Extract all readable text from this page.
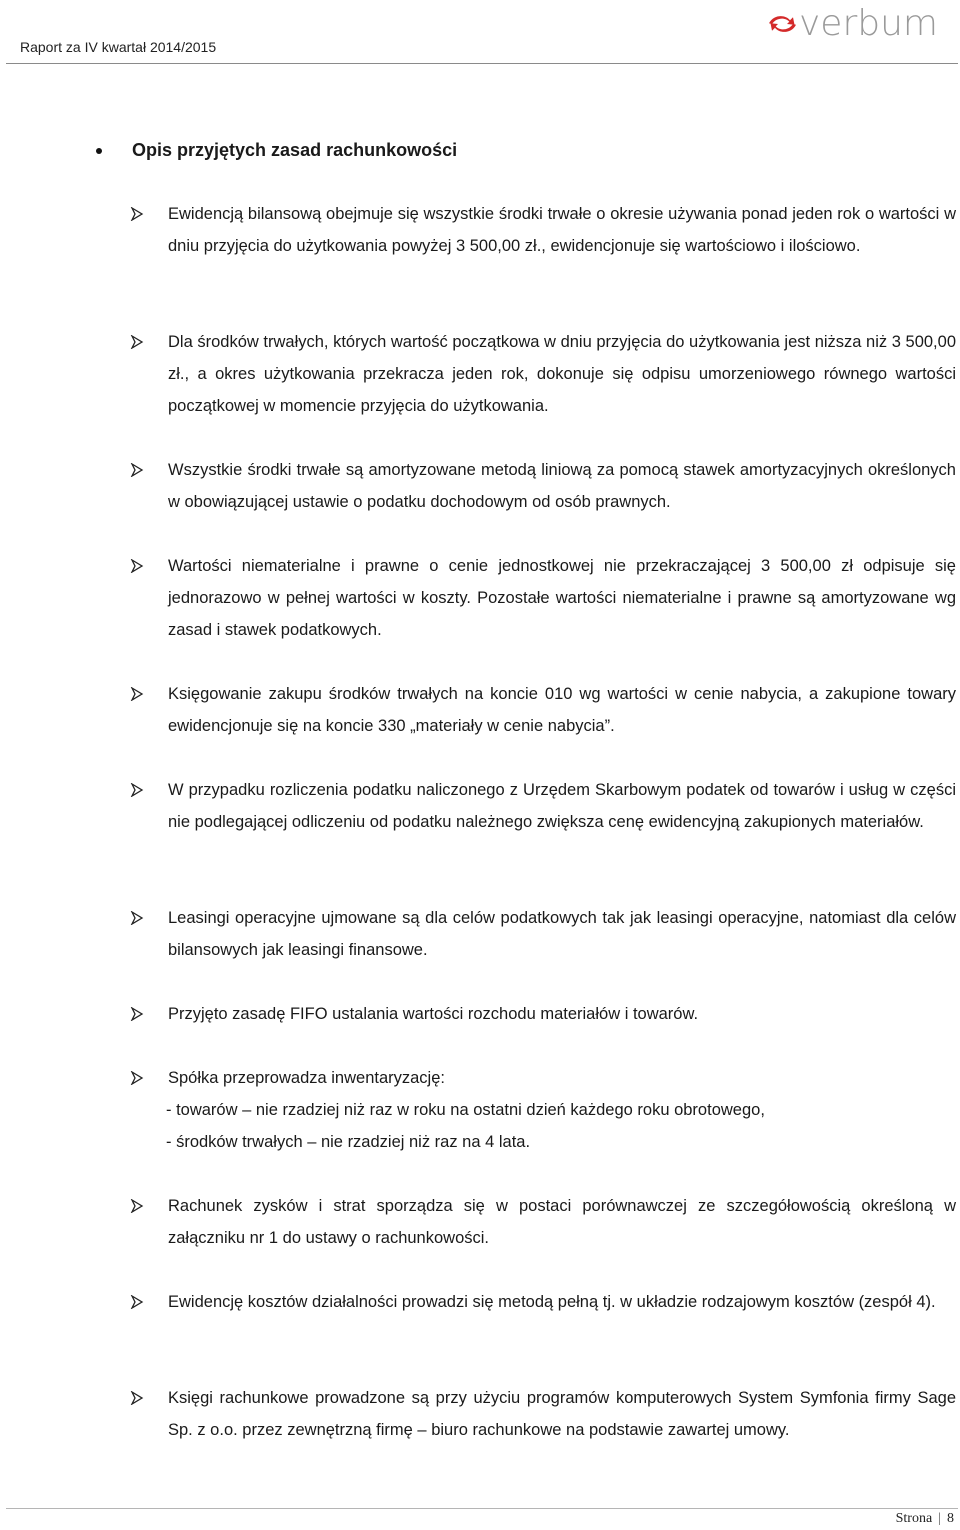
Raport za IV kwartał 2014/2015
verbum
Opis przyjętych zasad rachunkowości
Ewidencją bilansową obejmuje się wszystkie środki trwałe o okresie używania ponad jeden rok o wartości w dniu przyjęcia do użytkowania powyżej 3 500,00 zł., ewidencjonuje się wartościowo i ilościowo.
Dla środków trwałych, których wartość początkowa w dniu przyjęcia do użytkowania jest niższa niż 3 500,00 zł., a okres użytkowania przekracza jeden rok, dokonuje się odpisu umorzeniowego równego wartości początkowej w momencie przyjęcia do użytkowania.
Wszystkie środki trwałe są amortyzowane metodą liniową za pomocą stawek amortyzacyjnych określonych w obowiązującej ustawie o podatku dochodowym od osób prawnych.
Wartości niematerialne i prawne o cenie jednostkowej nie przekraczającej 3 500,00 zł odpisuje się jednorazowo w pełnej wartości w koszty. Pozostałe wartości niematerialne i prawne są amortyzowane wg zasad i stawek podatkowych.
Księgowanie zakupu środków trwałych na koncie 010 wg wartości w cenie nabycia, a zakupione towary ewidencjonuje się na koncie 330 „materiały w cenie nabycia”.
W przypadku rozliczenia podatku naliczonego z Urzędem Skarbowym podatek od towarów i usług w części nie podlegającej odliczeniu od podatku należnego zwiększa cenę ewidencyjną zakupionych materiałów.
Leasingi operacyjne ujmowane są dla celów podatkowych tak jak leasingi operacyjne, natomiast dla celów bilansowych jak leasingi finansowe.
Przyjęto zasadę FIFO ustalania wartości rozchodu materiałów i towarów.
Spółka przeprowadza inwentaryzację:
- towarów – nie rzadziej niż raz w roku na ostatni dzień każdego roku obrotowego,
- środków trwałych – nie rzadziej niż raz na 4 lata.
Rachunek zysków i strat sporządza się w postaci porównawczej ze szczegółowością określoną w załączniku nr 1 do ustawy o rachunkowości.
Ewidencję kosztów działalności prowadzi się metodą pełną tj. w układzie rodzajowym kosztów (zespół 4).
Księgi rachunkowe prowadzone są przy użyciu programów komputerowych System Symfonia firmy Sage Sp. z o.o. przez zewnętrzną firmę – biuro rachunkowe na podstawie zawartej umowy.
Strona | 8
